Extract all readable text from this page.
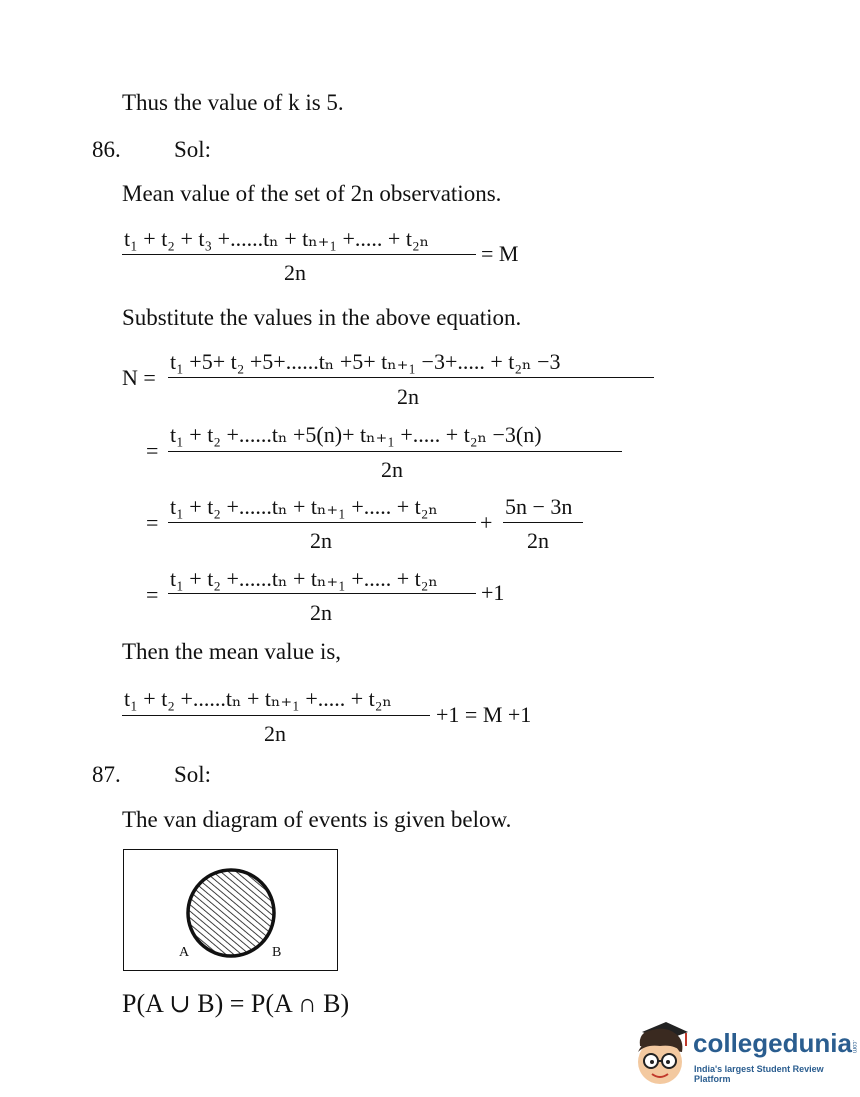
Thus the value of k is 5.
86. Sol:
Mean value of the set of 2n observations.
t₁ + t₂ + t₃ +......tₙ + tₙ₊₁ +..... + t₂ₙ
2n
= M
Substitute the values in the above equation.
N =
t₁ +5+ t₂ +5+......tₙ +5+ tₙ₊₁ −3+..... + t₂ₙ −3
2n
=
t₁ + t₂ +......tₙ +5(n)+ tₙ₊₁ +..... + t₂ₙ −3(n)
2n
=
t₁ + t₂ +......tₙ + tₙ₊₁ +..... + t₂ₙ
2n
+
5n − 3n
2n
=
t₁ + t₂ +......tₙ + tₙ₊₁ +..... + t₂ₙ
2n
+1
Then the mean value is,
t₁ + t₂ +......tₙ + tₙ₊₁ +..... + t₂ₙ
2n
+1 = M +1
87. Sol:
The van diagram of events is given below.
A	B
P(A ∪ B) = P(A ∩ B)
collegedunia .com
India's largest Student Review Platform
